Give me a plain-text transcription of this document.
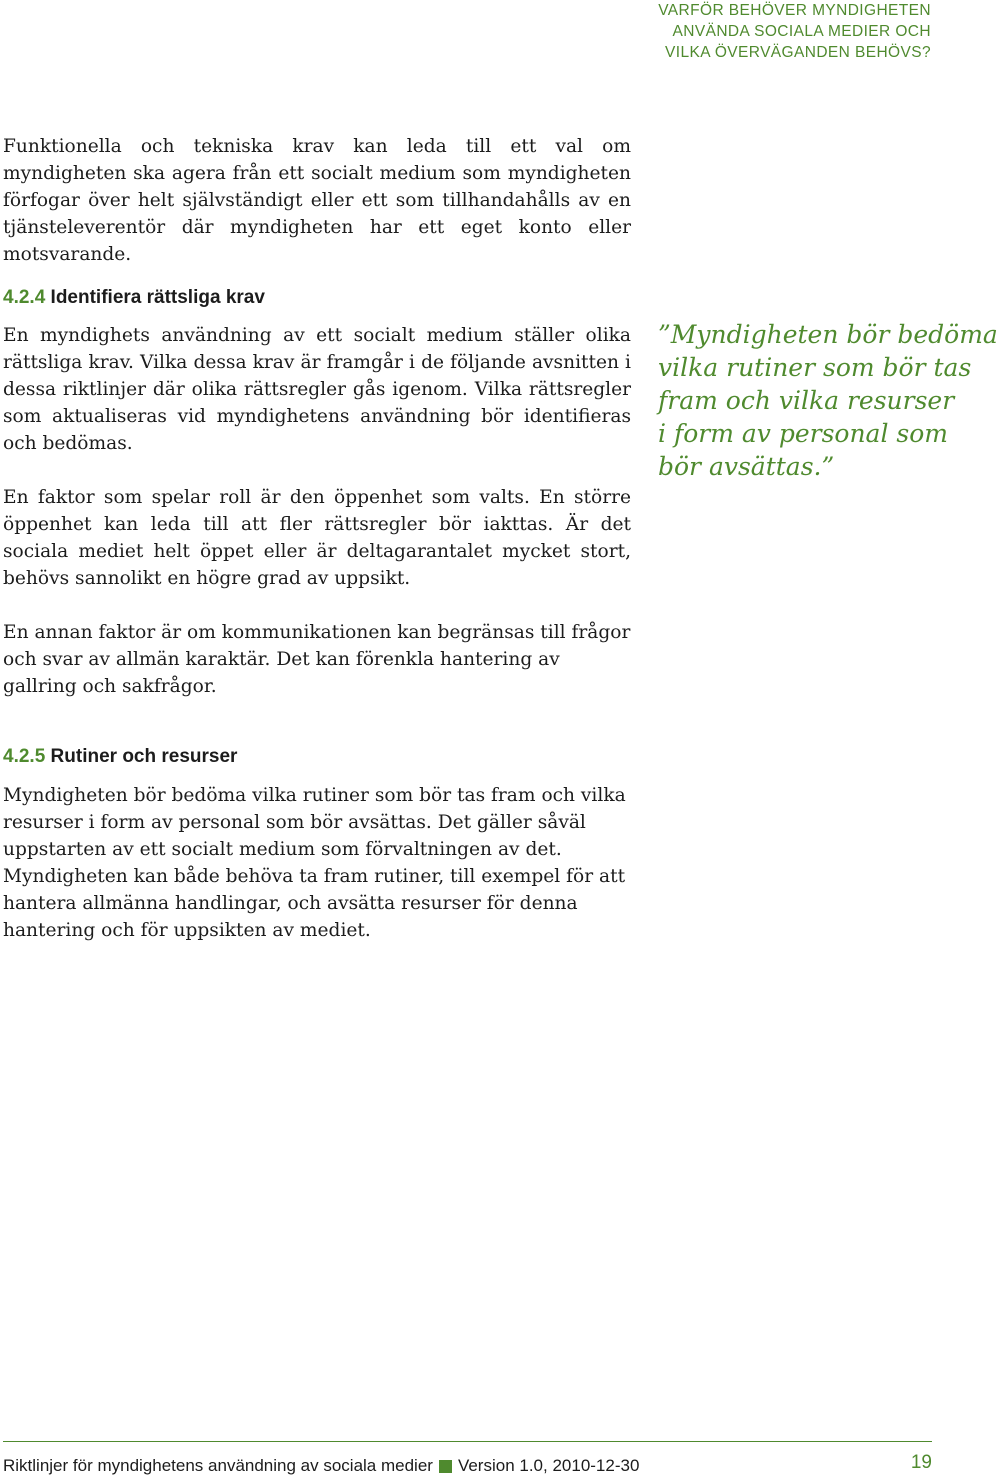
VARFÖR BEHÖVER MYNDIGHETEN
ANVÄNDA SOCIALA MEDIER OCH
VILKA ÖVERVÄGANDEN BEHÖVS?

Funktionella och tekniska krav kan leda till ett val om myndigheten ska agera från ett socialt medium som myndigheten förfogar över helt självständigt eller ett som tillhandahålls av en tjänsteleverentör där myndigheten har ett eget konto eller motsvarande.

4.2.4 Identifiera rättsliga krav

En myndighets användning av ett socialt medium ställer olika rättsliga krav. Vilka dessa krav är framgår i de följande avsnitten i dessa riktlinjer där olika rättsregler gås igenom. Vilka rättsregler som aktualiseras vid myndighetens användning bör identifieras och bedömas.

En faktor som spelar roll är den öppenhet som valts. En större öppenhet kan leda till att fler rättsregler bör iakttas. Är det sociala mediet helt öppet eller är deltagarantalet mycket stort, behövs sannolikt en högre grad av uppsikt.

En annan faktor är om kommunikationen kan begränsas till frågor och svar av allmän karaktär. Det kan förenkla hantering av gallring och sakfrågor.

4.2.5 Rutiner och resurser

Myndigheten bör bedöma vilka rutiner som bör tas fram och vilka resurser i form av personal som bör avsättas. Det gäller såväl uppstarten av ett socialt medium som förvaltningen av det. Myndigheten kan både behöva ta fram rutiner, till exempel för att hantera allmänna handlingar, och avsätta resurser för denna hantering och för uppsikten av mediet.

”Myndigheten bör bedöma
vilka rutiner som bör tas
fram och vilka resurser
i form av personal som
bör avsättas.”
Riktlinjer för myndighetens användning av sociala medier Version 1.0, 2010-12-30	19
